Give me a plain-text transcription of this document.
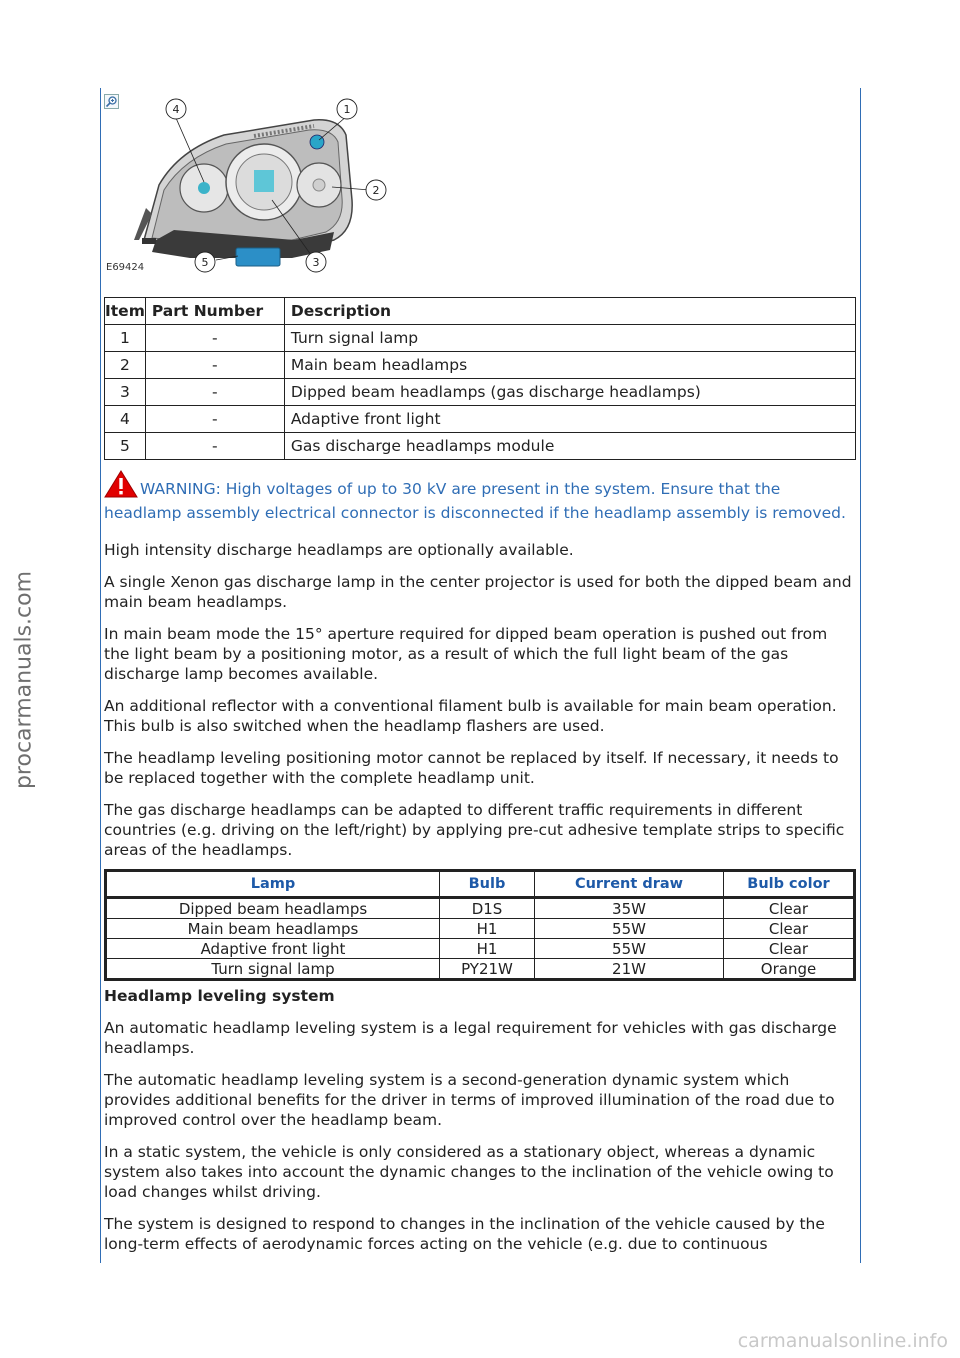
procarmanuals.com
1
2
3
4
5
E69424
Item	Part Number	Description
1	-	Turn signal lamp
2	-	Main beam headlamps
3	-	Dipped beam headlamps (gas discharge headlamps)
4	-	Adaptive front light
5	-	Gas discharge headlamps module
WARNING: High voltages of up to 30 kV are present in the system. Ensure that the headlamp assembly electrical connector is disconnected if the headlamp assembly is removed.

High intensity discharge headlamps are optionally available.

A single Xenon gas discharge lamp in the center projector is used for both the dipped beam and main beam headlamps.

In main beam mode the 15° aperture required for dipped beam operation is pushed out from the light beam by a positioning motor, as a result of which the full light beam of the gas discharge lamp becomes available.

An additional reflector with a conventional filament bulb is available for main beam operation. This bulb is also switched when the headlamp flashers are used.

The headlamp leveling positioning motor cannot be replaced by itself. If necessary, it needs to be replaced together with the complete headlamp unit.

The gas discharge headlamps can be adapted to different traffic requirements in different countries (e.g. driving on the left/right) by applying pre-cut adhesive template strips to specific areas of the headlamps.

Lamp	Bulb	Current draw	Bulb color
Dipped beam headlamps	D1S	35W	Clear
Main beam headlamps	H1	55W	Clear
Adaptive front light	H1	55W	Clear
Turn signal lamp	PY21W	21W	Orange
Headlamp leveling system

An automatic headlamp leveling system is a legal requirement for vehicles with gas discharge headlamps.

The automatic headlamp leveling system is a second-generation dynamic system which provides additional benefits for the driver in terms of improved illumination of the road due to improved control over the headlamp beam.

In a static system, the vehicle is only considered as a stationary object, whereas a dynamic system also takes into account the dynamic changes to the inclination of the vehicle owing to load changes whilst driving.

The system is designed to respond to changes in the inclination of the vehicle caused by the long-term effects of aerodynamic forces acting on the vehicle (e.g. due to continuous

carmanualsonline.info
